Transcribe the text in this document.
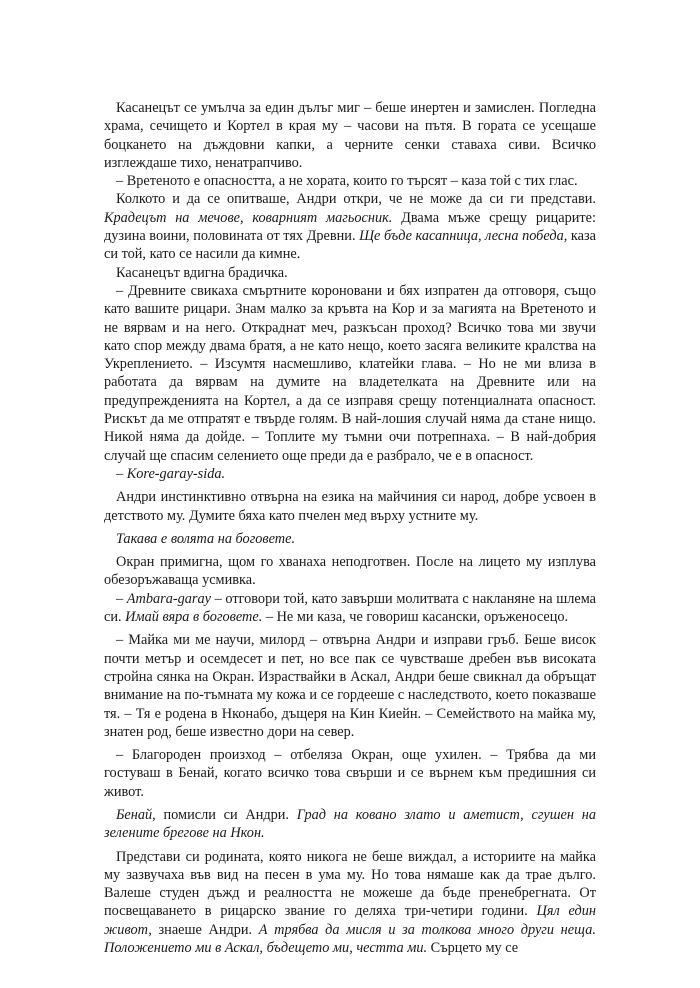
Касанецът се умълча за един дълъг миг – беше инертен и замислен. Погледна храма, сечището и Кортел в края му – часови на пътя. В гората се усещаше боцкането на дъждовни капки, а черните сенки ставаха сиви. Всичко изглеждаше тихо, ненатрапчиво.

– Вретеното е опасността, а не хората, които го търсят – каза той с тих глас.

Колкото и да се опитваше, Андри откри, че не може да си ги представи. Крадецът на мечове, коварният магьосник. Двама мъже срещу рицарите: дузина воини, половината от тях Древни. Ще бъде касапница, лесна победа, каза си той, като се насили да кимне.

Касанецът вдигна брадичка.

– Древните свикаха смъртните короновани и бях изпратен да отговоря, също като вашите рицари. Знам малко за кръвта на Кор и за магията на Вретеното и не вярвам и на него. Откраднат меч, разкъсан проход? Всичко това ми звучи като спор между двама братя, а не като нещо, което засяга великите кралства на Укреплението. – Изсумтя насмешливо, клатейки глава. – Но не ми влиза в работата да вярвам на думите на владетелката на Древните или на предупрежденията на Кортел, а да се изправя срещу потенциалната опасност. Рискът да ме отпратят е твърде голям. В най-лошия случай няма да стане нищо. Никой няма да дойде. – Топлите му тъмни очи потрепнаха. – В най-добрия случай ще спасим селението още преди да е разбрало, че е в опасност.

– Kore-garay-sida.

Андри инстинктивно отвърна на езика на майчиния си народ, добре усвоен в детството му. Думите бяха като пчелен мед върху устните му.

Такава е волята на боговете.

Окран примигна, щом го хванаха неподготвен. После на лицето му изплува обезоръжаваща усмивка.

– Ambara-garay – отговори той, като завърши молитвата с накланяне на шлема си. Имай вяра в боговете. – Не ми каза, че говориш касански, оръженосецо.

– Майка ми ме научи, милорд – отвърна Андри и изправи гръб. Беше висок почти метър и осемдесет и пет, но все пак се чувстваше дребен във високата стройна сянка на Окран. Израствайки в Аскал, Андри беше свикнал да обръщат внимание на по-тъмната му кожа и се гордееше с наследството, което показваше тя. – Тя е родена в Нконабо, дъщеря на Кин Киейн. – Семейството на майка му, знатен род, беше известно дори на север.

– Благороден произход – отбеляза Окран, още ухилен. – Трябва да ми гостуваш в Бенай, когато всичко това свърши и се върнем към предишния си живот.

Бенай, помисли си Андри. Град на ковано злато и аметист, сгушен на зелените брегове на Нкон.

Представи си родината, която никога не беше виждал, а историите на майка му зазвучаха във вид на песен в ума му. Но това нямаше как да трае дълго. Валеше студен дъжд и реалността не можеше да бъде пренебрегната. От посвещаването в рицарско звание го деляха три-четири години. Цял един живот, знаеше Андри. А трябва да мисля и за толкова много други неща. Положението ми в Аскал, бъдещето ми, честта ми. Сърцето му се
